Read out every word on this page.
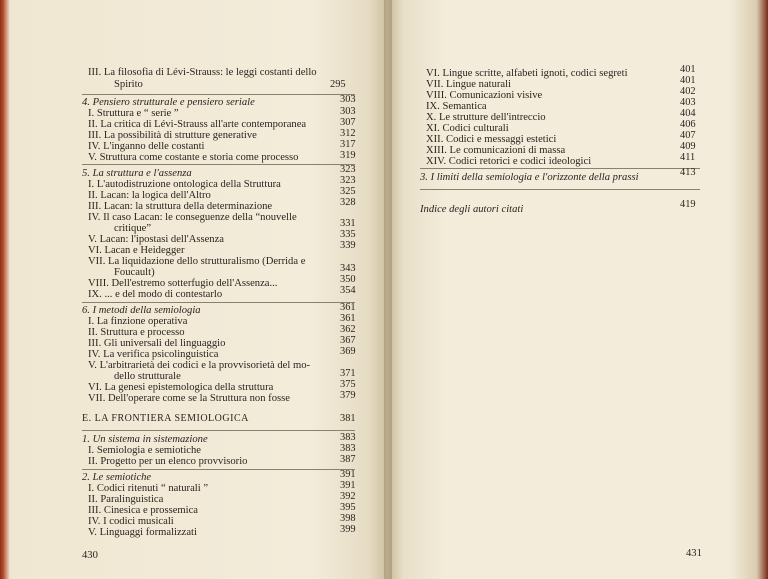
III. La filosofia di Lévi-Strauss: le leggi costanti dello
Spirito	295
4. Pensiero strutturale e pensiero seriale	303
I. Struttura e “ serie ”	303
II. La critica di Lévi-Strauss all'arte contemporanea	307
III. La possibilità di strutture generative	312
IV. L'inganno delle costanti	317
V. Struttura come costante e storia come processo	319
5. La struttura e l'assenza	323
I. L'autodistruzione ontologica della Struttura	323
II. Lacan: la logica dell'Altro	325
III. Lacan: la struttura della determinazione	328
IV. Il caso Lacan: le conseguenze della “nouvelle
critique”	331
V. Lacan: l'ipostasi dell'Assenza	335
VI. Lacan e Heidegger	339
VII. La liquidazione dello strutturalismo (Derrida e
Foucault)	343
VIII. Dell'estremo sotterfugio dell'Assenza...	350
IX. ... e del modo di contestarlo	354
6. I metodi della semiologia	361
I. La finzione operativa	361
II. Struttura e processo	362
III. Gli universali del linguaggio	367
IV. La verifica psicolinguistica	369
V. L'arbitrarietà dei codici e la provvisorietà del mo-
dello strutturale	371
VI. La genesi epistemologica della struttura	375
VII. Dell'operare come se la Struttura non fosse	379
E. LA FRONTIERA SEMIOLOGICA	381
1. Un sistema in sistemazione	383
I. Semiologia e semiotiche	383
II. Progetto per un elenco provvisorio	387
2. Le semiotiche	391
I. Codici ritenuti “ naturali ”	391
II. Paralinguistica	392
III. Cinesica e prossemica	395
IV. I codici musicali	398
V. Linguaggi formalizzati	399
430
VI. Lingue scritte, alfabeti ignoti, codici segreti	401
VII. Lingue naturali	401
VIII. Comunicazioni visive	402
IX. Semantica	403
X. Le strutture dell'intreccio	404
XI. Codici culturali	406
XII. Codici e messaggi estetici	407
XIII. Le comunicazioni di massa	409
XIV. Codici retorici e codici ideologici	411
3. I limiti della semiologia e l'orizzonte della prassi	413
Indice degli autori citati	419
431
